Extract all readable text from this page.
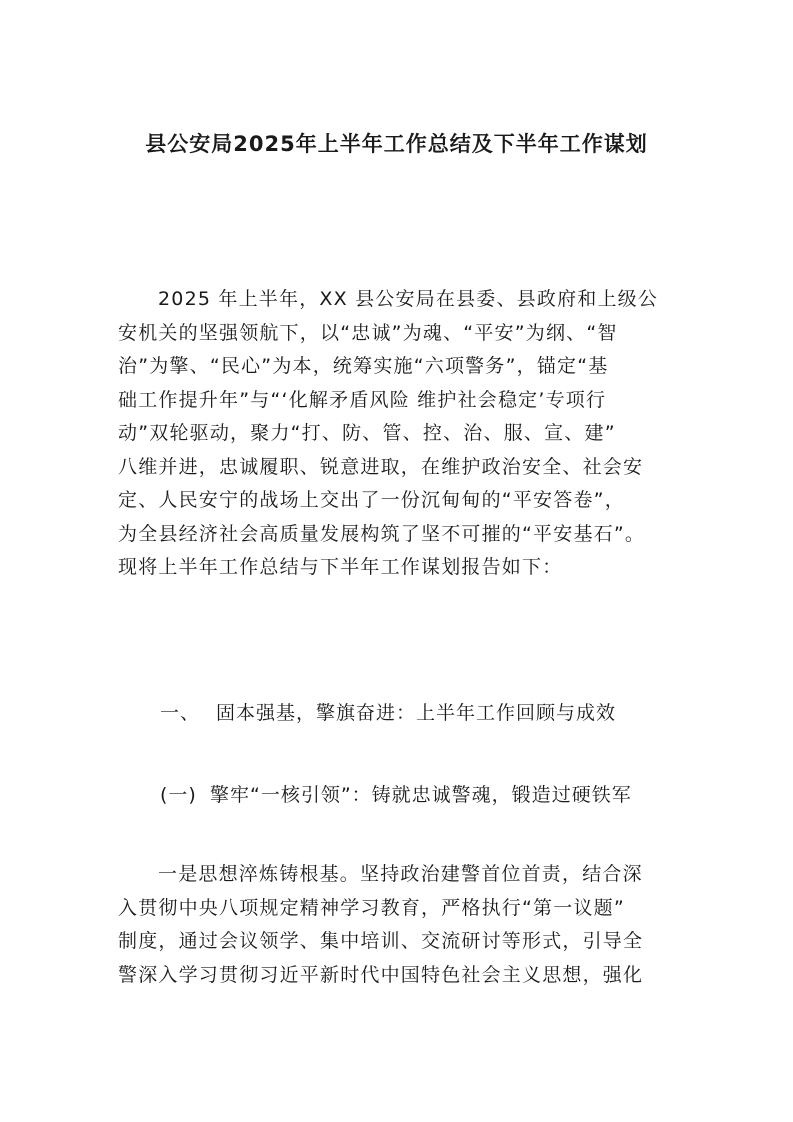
县公安局2025年上半年工作总结及下半年工作谋划
2025 年上半年，XX 县公安局在县委、县政府和上级公
安机关的坚强领航下，以“忠诚”为魂、“平安”为纲、“智
治”为擎、“民心”为本，统筹实施“六项警务”，锚定“基
础工作提升年”与“‘化解矛盾风险 维护社会稳定’专项行
动”双轮驱动，聚力“打、防、管、控、治、服、宣、建”
八维并进，忠诚履职、锐意进取，在维护政治安全、社会安
定、人民安宁的战场上交出了一份沉甸甸的“平安答卷”，
为全县经济社会高质量发展构筑了坚不可摧的“平安基石”。
现将上半年工作总结与下半年工作谋划报告如下：
一、 固本强基，擎旗奋进：上半年工作回顾与成效
(一) 擎牢“一核引领”：铸就忠诚警魂，锻造过硬铁军
一是思想淬炼铸根基。坚持政治建警首位首责，结合深
入贯彻中央八项规定精神学习教育，严格执行“第一议题”
制度，通过会议领学、集中培训、交流研讨等形式，引导全
警深入学习贯彻习近平新时代中国特色社会主义思想，强化
